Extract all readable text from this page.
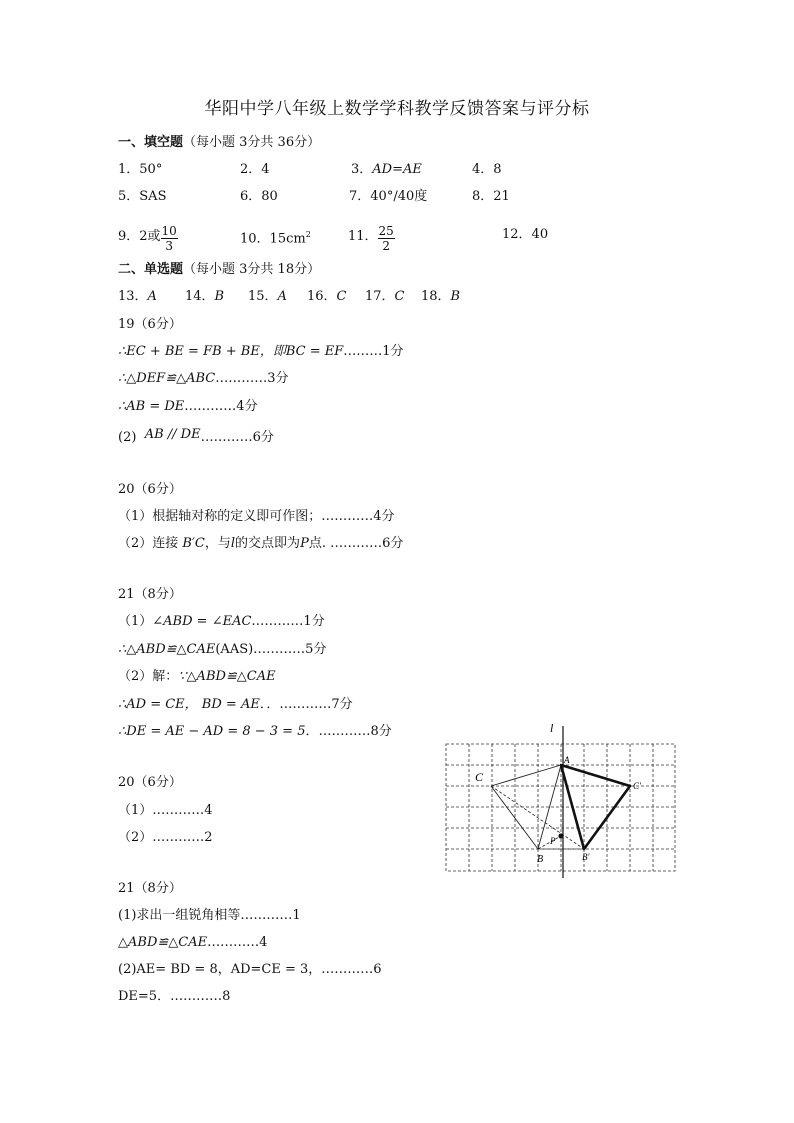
华阳中学八年级上数学学科教学反馈答案与评分标
一、填空题（每小题 3分共 36分）
1．50°	2．4	3．AD=AE	4．8
5．SAS	6．80	7．40°/40度	8．21
9．2或 $\frac{10}{3}$	10．$15cm^2$	11． $\frac{25}{2}$	12．40
二、单选题（每小题 3分共 18分）
13．A 14．B 15．A 16．C 17．C 18．B
19（6分）
∴EC + BE = FB + BE，即BC = EF………1分
∴△DEF≌△ABC…………3分
∴AB = DE…………4分
(2) AB // DE…………6分
20（6分）
（1）根据轴对称的定义即可作图；…………4分
（2）连接 B′C，与l的交点即为P点. …………6分
21（8分）
（1）∠ABD = ∠EAC…………1分
∴△ABD≌△CAE(AAS)…………5分
（2）解：∵△ABD≌△CAE
∴AD = CE， BD = AE．．…………7分
∴DE = AE − AD = 8 − 3 = 5．…………8分
20（6分）
（1）…………4
（2）…………2
21（8分）
(1)求出一组锐角相等…………1
△ABD≌△CAE…………4
(2)AE= BD = 8，AD=CE = 3，…………6
DE=5．…………8
l
A
C
B
P
B′
C′
